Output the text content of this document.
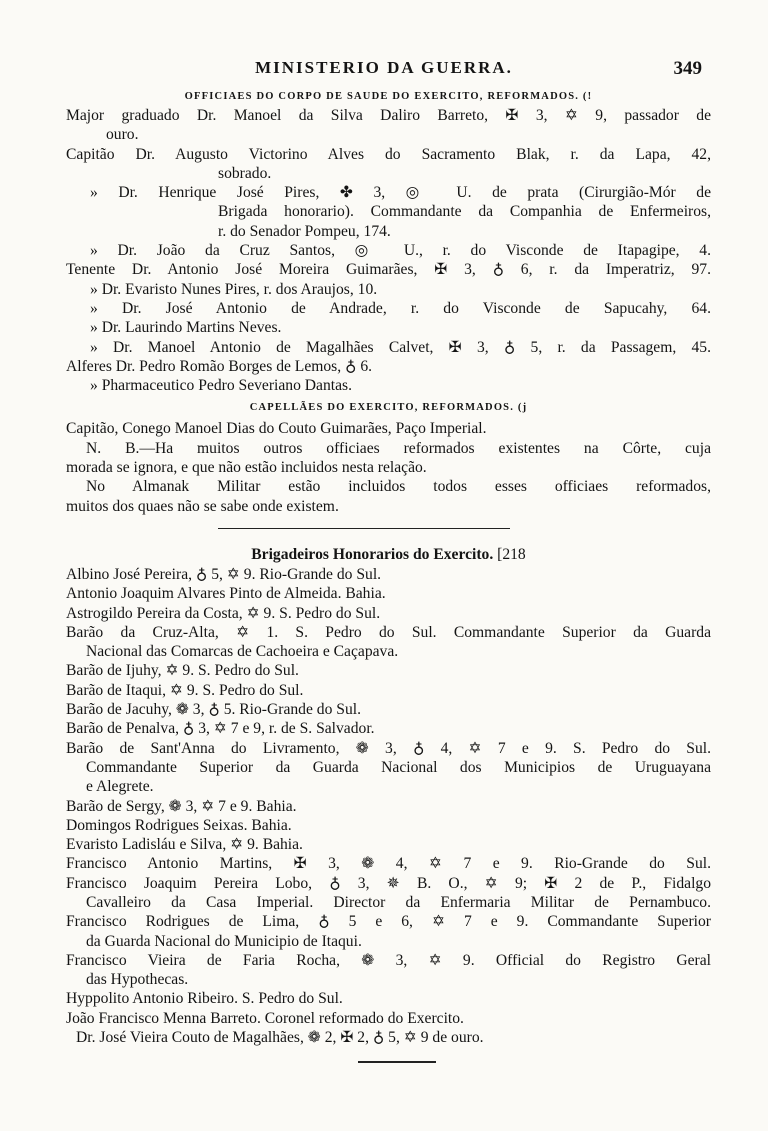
MINISTERIO DA GUERRA.	349
OFFICIAES DO CORPO DE SAUDE DO EXERCITO, REFORMADOS. (!
Major graduado Dr. Manoel da Silva Daliro Barreto, ✠ 3, ✡ 9, passador de
ouro.
Capitão Dr. Augusto Victorino Alves do Sacramento Blak, r. da Lapa, 42,
sobrado.
» Dr. Henrique José Pires, ✤ 3, ◎ U. de prata (Cirurgião-Mór de
Brigada honorario). Commandante da Companhia de Enfermeiros,
r. do Senador Pompeu, 174.
» Dr. João da Cruz Santos, ◎ U., r. do Visconde de Itapagipe, 4.
Tenente Dr. Antonio José Moreira Guimarães, ✠ 3, ♁ 6, r. da Imperatriz, 97.
» Dr. Evaristo Nunes Pires, r. dos Araujos, 10.
» Dr. José Antonio de Andrade, r. do Visconde de Sapucahy, 64.
» Dr. Laurindo Martins Neves.
» Dr. Manoel Antonio de Magalhães Calvet, ✠ 3, ♁ 5, r. da Passagem, 45.
Alferes Dr. Pedro Romão Borges de Lemos, ♁ 6.
» Pharmaceutico Pedro Severiano Dantas.
CAPELLÃES DO EXERCITO, REFORMADOS. (j
Capitão, Conego Manoel Dias do Couto Guimarães, Paço Imperial.
N. B.—Ha muitos outros officiaes reformados existentes na Côrte, cuja
morada se ignora, e que não estão incluidos nesta relação.
No Almanak Militar estão incluidos todos esses officiaes reformados,
muitos dos quaes não se sabe onde existem.
Brigadeiros Honorarios do Exercito. [218
Albino José Pereira, ♁ 5, ✡ 9. Rio-Grande do Sul.
Antonio Joaquim Alvares Pinto de Almeida. Bahia.
Astrogildo Pereira da Costa, ✡ 9. S. Pedro do Sul.
Barão da Cruz-Alta, ✡ 1. S. Pedro do Sul. Commandante Superior da Guarda
Nacional das Comarcas de Cachoeira e Caçapava.
Barão de Ijuhy, ✡ 9. S. Pedro do Sul.
Barão de Itaqui, ✡ 9. S. Pedro do Sul.
Barão de Jacuhy, ❁ 3, ♁ 5. Rio-Grande do Sul.
Barão de Penalva, ♁ 3, ✡ 7 e 9, r. de S. Salvador.
Barão de Sant'Anna do Livramento, ❁ 3, ♁ 4, ✡ 7 e 9. S. Pedro do Sul.
Commandante Superior da Guarda Nacional dos Municipios de Uruguayana
e Alegrete.
Barão de Sergy, ❁ 3, ✡ 7 e 9. Bahia.
Domingos Rodrigues Seixas. Bahia.
Evaristo Ladisláu e Silva, ✡ 9. Bahia.
Francisco Antonio Martins, ✠ 3, ❁ 4, ✡ 7 e 9. Rio-Grande do Sul.
Francisco Joaquim Pereira Lobo, ♁ 3, ✵ B. O., ✡ 9; ✠ 2 de P., Fidalgo
Cavalleiro da Casa Imperial. Director da Enfermaria Militar de Pernambuco.
Francisco Rodrigues de Lima, ♁ 5 e 6, ✡ 7 e 9. Commandante Superior
da Guarda Nacional do Municipio de Itaqui.
Francisco Vieira de Faria Rocha, ❁ 3, ✡ 9. Official do Registro Geral
das Hypothecas.
Hyppolito Antonio Ribeiro. S. Pedro do Sul.
João Francisco Menna Barreto. Coronel reformado do Exercito.
Dr. José Vieira Couto de Magalhães, ❁ 2, ✠ 2, ♁ 5, ✡ 9 de ouro.
